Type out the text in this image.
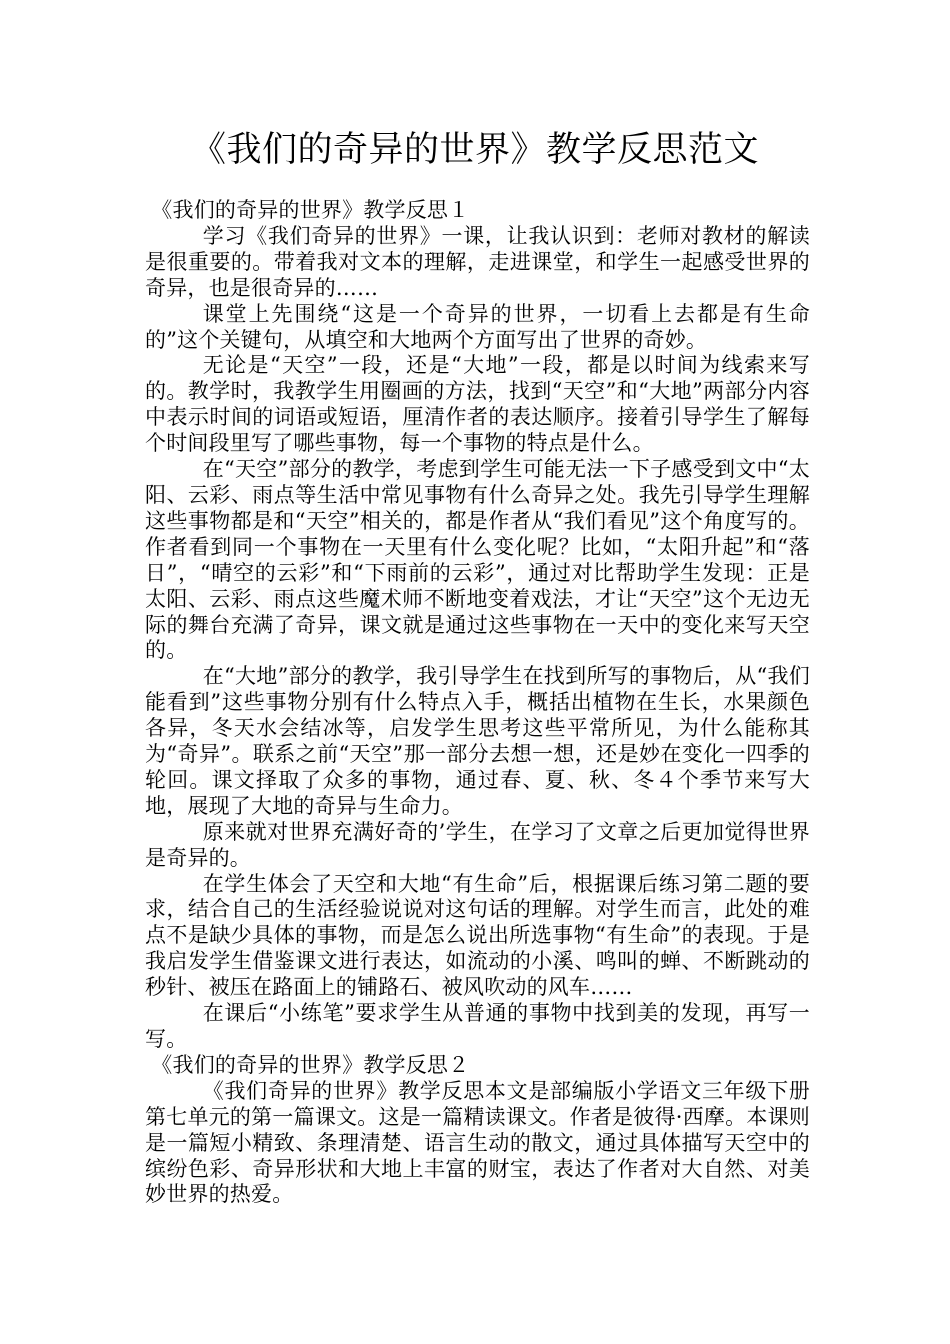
《我们的奇异的世界》教学反思范文

《我们的奇异的世界》教学反思１

学习《我们奇异的世界》一课，让我认识到：老师对教材的解读是很重要的。带着我对文本的理解，走进课堂，和学生一起感受世界的奇异，也是很奇异的……

课堂上先围绕“这是一个奇异的世界，一切看上去都是有生命的”这个关键句，从填空和大地两个方面写出了世界的奇妙。

无论是“天空”一段，还是“大地”一段，都是以时间为线索来写的。教学时，我教学生用圈画的方法，找到“天空”和“大地”两部分内容中表示时间的词语或短语，厘清作者的表达顺序。接着引导学生了解每个时间段里写了哪些事物，每一个事物的特点是什么。

在“天空”部分的教学，考虑到学生可能无法一下子感受到文中“太阳、云彩、雨点等生活中常见事物有什么奇异之处。我先引导学生理解这些事物都是和“天空”相关的，都是作者从“我们看见”这个角度写的。作者看到同一个事物在一天里有什么变化呢？比如，“太阳升起”和“落日”，“晴空的云彩”和“下雨前的云彩”，通过对比帮助学生发现：正是太阳、云彩、雨点这些魔术师不断地变着戏法，才让“天空”这个无边无际的舞台充满了奇异，课文就是通过这些事物在一天中的变化来写天空的。

在“大地”部分的教学，我引导学生在找到所写的事物后，从“我们能看到”这些事物分别有什么特点入手，概括出植物在生长，水果颜色各异，冬天水会结冰等，启发学生思考这些平常所见，为什么能称其为“奇异”。联系之前“天空”那一部分去想一想，还是妙在变化一四季的轮回。课文择取了众多的事物，通过春、夏、秋、冬４个季节来写大地，展现了大地的奇异与生命力。

原来就对世界充满好奇的’学生，在学习了文章之后更加觉得世界是奇异的。

在学生体会了天空和大地“有生命”后，根据课后练习第二题的要求，结合自己的生活经验说说对这句话的理解。对学生而言，此处的难点不是缺少具体的事物，而是怎么说出所选事物“有生命”的表现。于是我启发学生借鉴课文进行表达，如流动的小溪、鸣叫的蝉、不断跳动的秒针、被压在路面上的铺路石、被风吹动的风车……

在课后“小练笔”要求学生从普通的事物中找到美的发现，再写一写。

《我们的奇异的世界》教学反思２

《我们奇异的世界》教学反思本文是部编版小学语文三年级下册第七单元的第一篇课文。这是一篇精读课文。作者是彼得·西摩。本课则是一篇短小精致、条理清楚、语言生动的散文，通过具体描写天空中的缤纷色彩、奇异形状和大地上丰富的财宝，表达了作者对大自然、对美妙世界的热爱。
